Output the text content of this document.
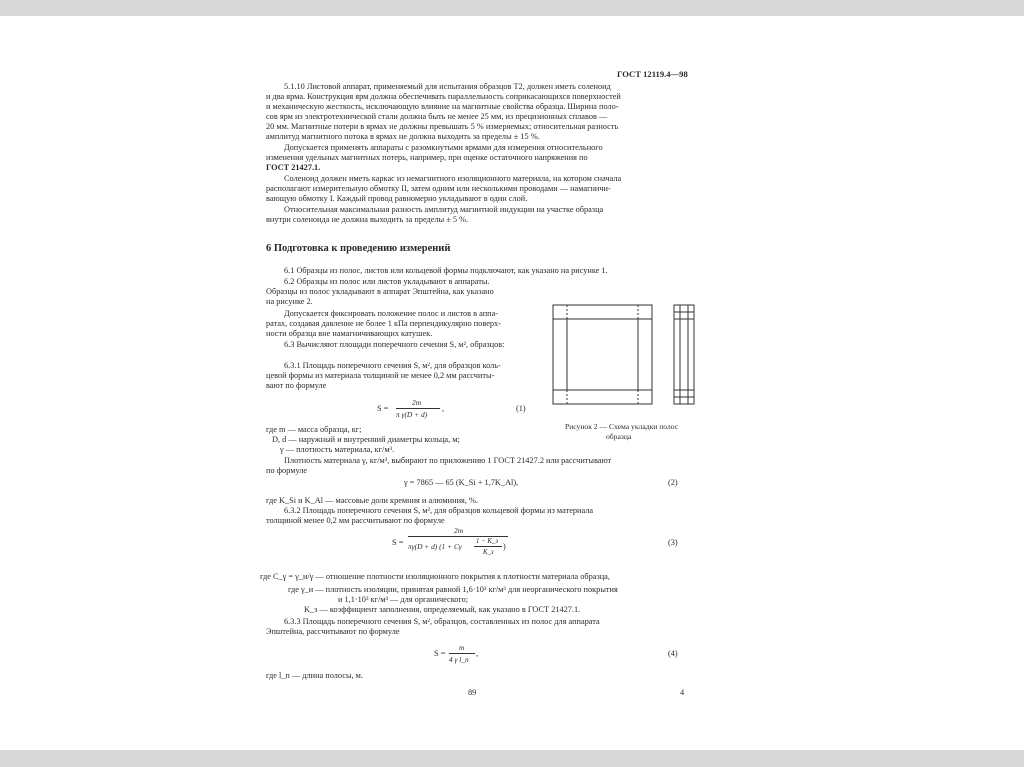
ГОСТ 12119.4—98
5.1.10 Листовой аппарат, применяемый для испытания образцов Т2, должен иметь соленоид
и два ярма. Конструкция ярм должна обеспечивать параллельность соприкасающихся поверхностей
и механическую жесткость, исключающую влияние на магнитные свойства образца. Ширина поло-
сов ярм из электротехнической стали должна быть не менее 25 мм, из прецизионных сплавов —
20 мм. Магнитные потери в ярмах не должны превышать 5 % измеряемых; относительная разность
амплитуд магнитного потока в ярмах не должна выходить за пределы ± 15 %.
Допускается применять аппараты с разомкнутыми ярмами для измерения относительного
изменения удельных магнитных потерь, например, при оценке остаточного напряжения по
ГОСТ 21427.1.
Соленоид должен иметь каркас из немагнитного изоляционного материала, на котором сначала
располагают измерительную обмотку II, затем одним или несколькими проводами — намагничи-
вающую обмотку I. Каждый провод равномерно укладывают в один слой.
Относительная максимальная разность амплитуд магнитной индукции на участке образца
внутри соленоида не должна выходить за пределы ± 5 %.
6 Подготовка к проведению измерений
6.1 Образцы из полос, листов или кольцевой формы подключают, как указано на рисунке 1.
6.2 Образцы из полос или листов укладывают в аппараты.
Образцы из полос укладывают в аппарат Эпштейна, как указано
на рисунке 2.
Допускается фиксировать положение полос и листов в аппа-
ратах, создавая давление не более 1 кПа перпендикулярно поверх-
ности образца вне намагничивающих катушек.
6.3 Вычисляют площади поперечного сечения S, м², образцов:
6.3.1 Площадь поперечного сечения S, м², для образцов коль-
цевой формы из материала толщиной не менее 0,2 мм рассчиты-
вают по формуле
Рисунок 2 — Схема укладки полос
образца
S =
2m
π γ(D + d)
,	(1)
где m — масса образца, кг;
D, d — наружный и внутренний диаметры кольца, м;
γ — плотность материала, кг/м³.
Плотность материала γ, кг/м³, выбирают по приложению 1 ГОСТ 21427.2 или рассчитывают
по формуле
γ = 7865 — 65 (K_Si + 1,7K_Al),	(2)
где K_Si и K_Al — массовые доли кремния и алюминия, %.
6.3.2 Площадь поперечного сечения S, м², для образцов кольцевой формы из материала
толщиной менее 0,2 мм рассчитывают по формуле
S =
2m
πγ(D + d) (1 + Cγ
1 − K_з
K_з
)	(3)
где C_γ = γ_и/γ — отношение плотности изоляционного покрытия к плотности материала образца,
где γ_и — плотность изоляции, принятая равной 1,6·10³ кг/м³ для неорганического покрытия
и 1,1·10³ кг/м³ — для органического;
K_з — коэффициент заполнения, определяемый, как указано в ГОСТ 21427.1.
6.3.3 Площадь поперечного сечения S, м², образцов, составленных из полос для аппарата
Эпштейна, рассчитывают по формуле
S =
m
4 γ l_п
,	(4)
где l_п — длина полосы, м.
89	4
